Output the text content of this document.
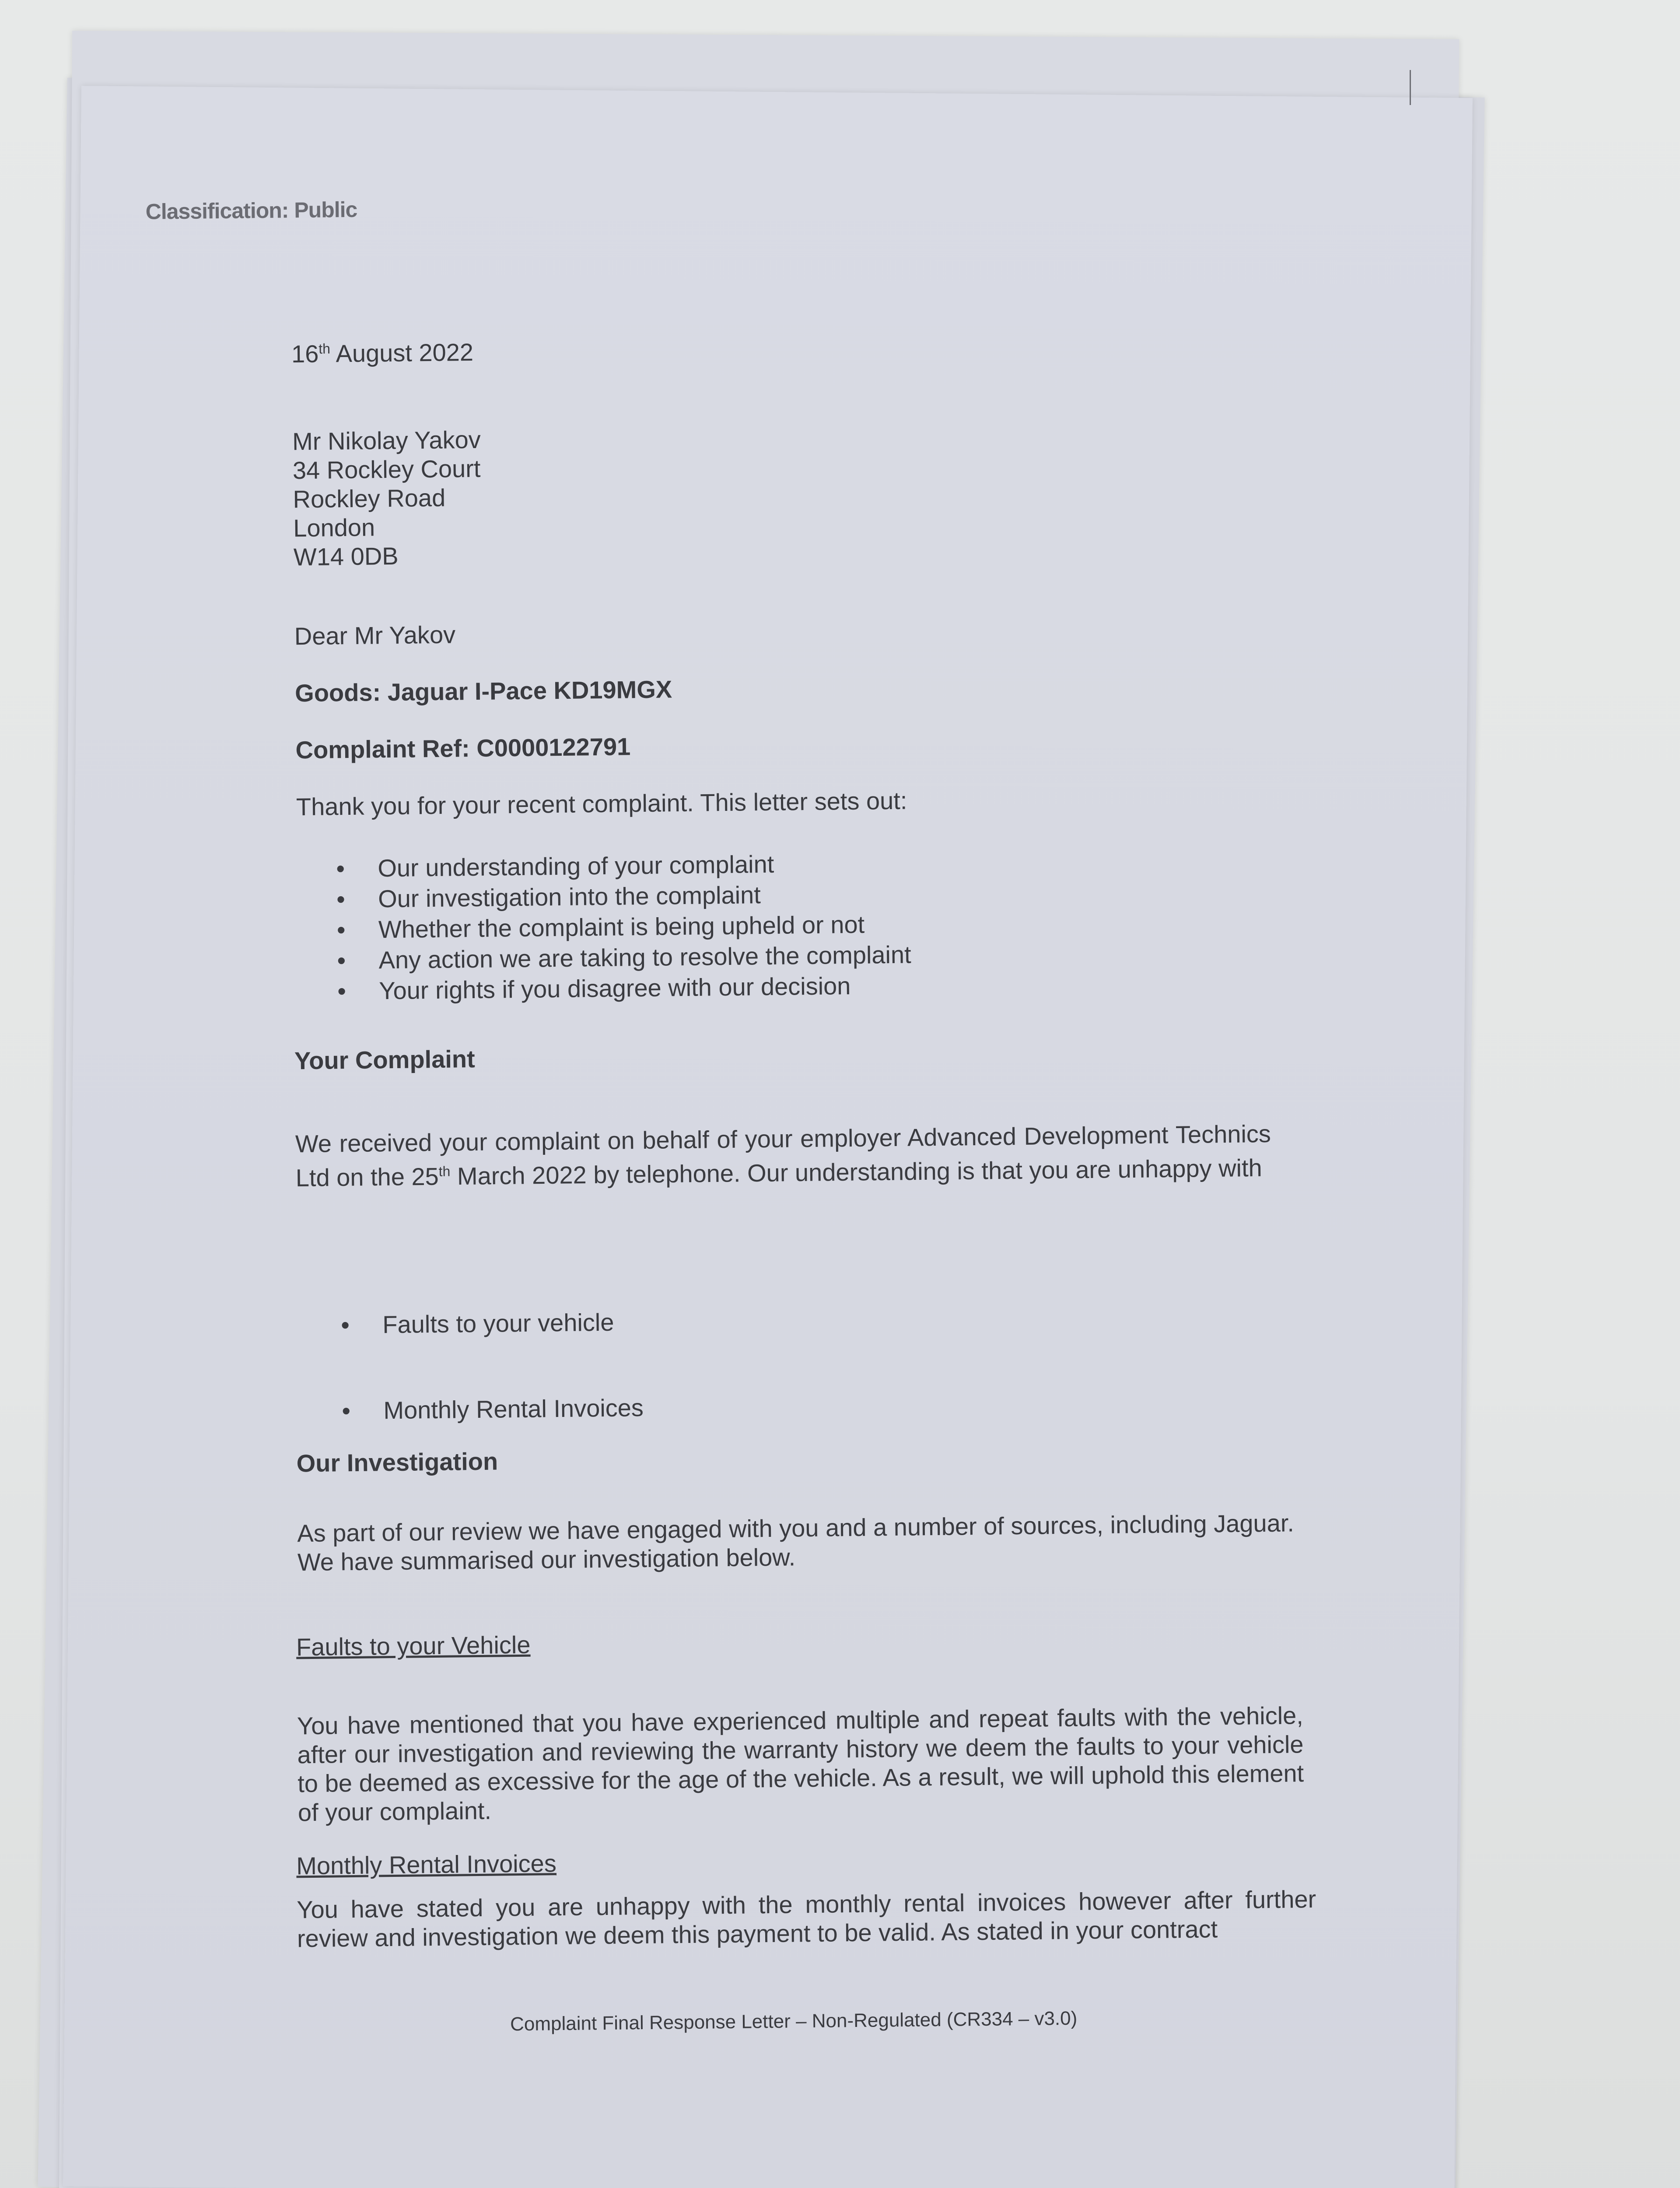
Classification: Public
16th August 2022
Mr Nikolay Yakov
34 Rockley Court
Rockley Road
London
W14 0DB
Dear Mr Yakov
Goods: Jaguar I-Pace KD19MGX
Complaint Ref: C0000122791
Thank you for your recent complaint. This letter sets out:
• Our understanding of your complaint
• Our investigation into the complaint
• Whether the complaint is being upheld or not
• Any action we are taking to resolve the complaint
• Your rights if you disagree with our decision
Your Complaint
We received your complaint on behalf of your employer Advanced Development Technics Ltd on the 25th March 2022 by telephone. Our understanding is that you are unhappy with
• Faults to your vehicle
• Monthly Rental Invoices
Our Investigation
As part of our review we have engaged with you and a number of sources, including Jaguar. We have summarised our investigation below.
Faults to your Vehicle
You have mentioned that you have experienced multiple and repeat faults with the vehicle, after our investigation and reviewing the warranty history we deem the faults to your vehicle to be deemed as excessive for the age of the vehicle. As a result, we will uphold this element of your complaint.
Monthly Rental Invoices
You have stated you are unhappy with the monthly rental invoices however after further review and investigation we deem this payment to be valid. As stated in your contract
Complaint Final Response Letter – Non-Regulated (CR334 – v3.0)
